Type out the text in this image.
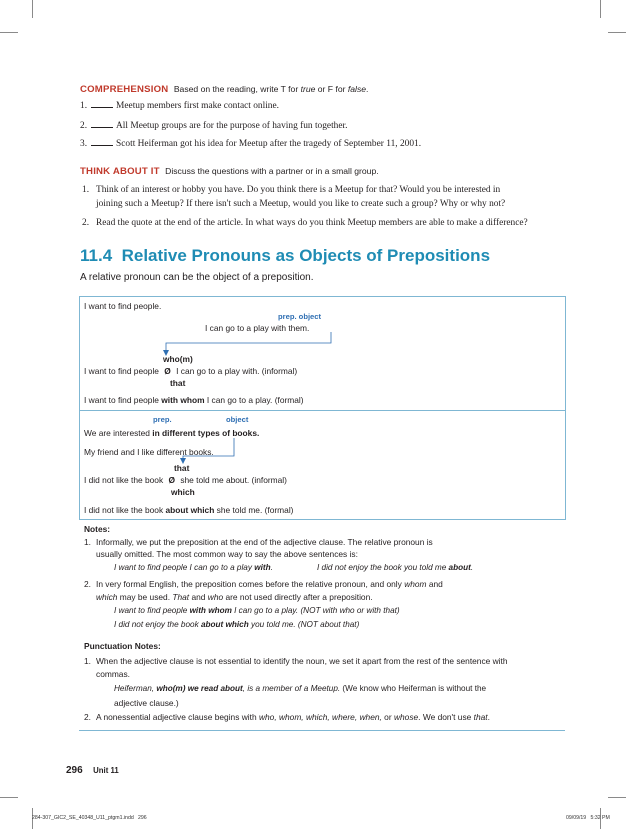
COMPREHENSION Based on the reading, write T for true or F for false.
1.	Meetup members first make contact online.
2.	All Meetup groups are for the purpose of having fun together.
3.	Scott Heiferman got his idea for Meetup after the tragedy of September 11, 2001.
THINK ABOUT IT Discuss the questions with a partner or in a small group.
1. Think of an interest or hobby you have. Do you think there is a Meetup for that? Would you be interested in
joining such a Meetup? If there isn't such a Meetup, would you like to create such a group? Why or why not?
2. Read the quote at the end of the article. In what ways do you think Meetup members are able to make a difference?
11.4  Relative Pronouns as Objects of Prepositions
A relative pronoun can be the object of a preposition.
I want to find people.
prep. object
I can go to a play with them.
who(m)
I want to find people Ø I can go to a play with. (informal)
that
I want to find people with whom I can go to a play. (formal)
prep.	object
We are interested in different types of books.
My friend and I like different books.
that
I did not like the book Ø she told me about. (informal)
which
I did not like the book about which she told me. (formal)
Notes:
1. Informally, we put the preposition at the end of the adjective clause. The relative pronoun is
usually omitted. The most common way to say the above sentences is:
I want to find people I can go to a play with.	I did not enjoy the book you told me about.
2. In very formal English, the preposition comes before the relative pronoun, and only whom and
which may be used. That and who are not used directly after a preposition.
I want to find people with whom I can go to a play. (NOT with who or with that)
I did not enjoy the book about which you told me. (NOT about that)
Punctuation Notes:
1. When the adjective clause is not essential to identify the noun, we set it apart from the rest of the sentence with
commas.
Heiferman, who(m) we read about, is a member of a Meetup. (We know who Heiferman is without the
adjective clause.)
2. A nonessential adjective clause begins with who, whom, which, where, when, or whose. We don't use that.
296 Unit 11
284-307_GIC2_SE_40348_U11_ptgm1.indd   296	09/09/19   5:32 PM
